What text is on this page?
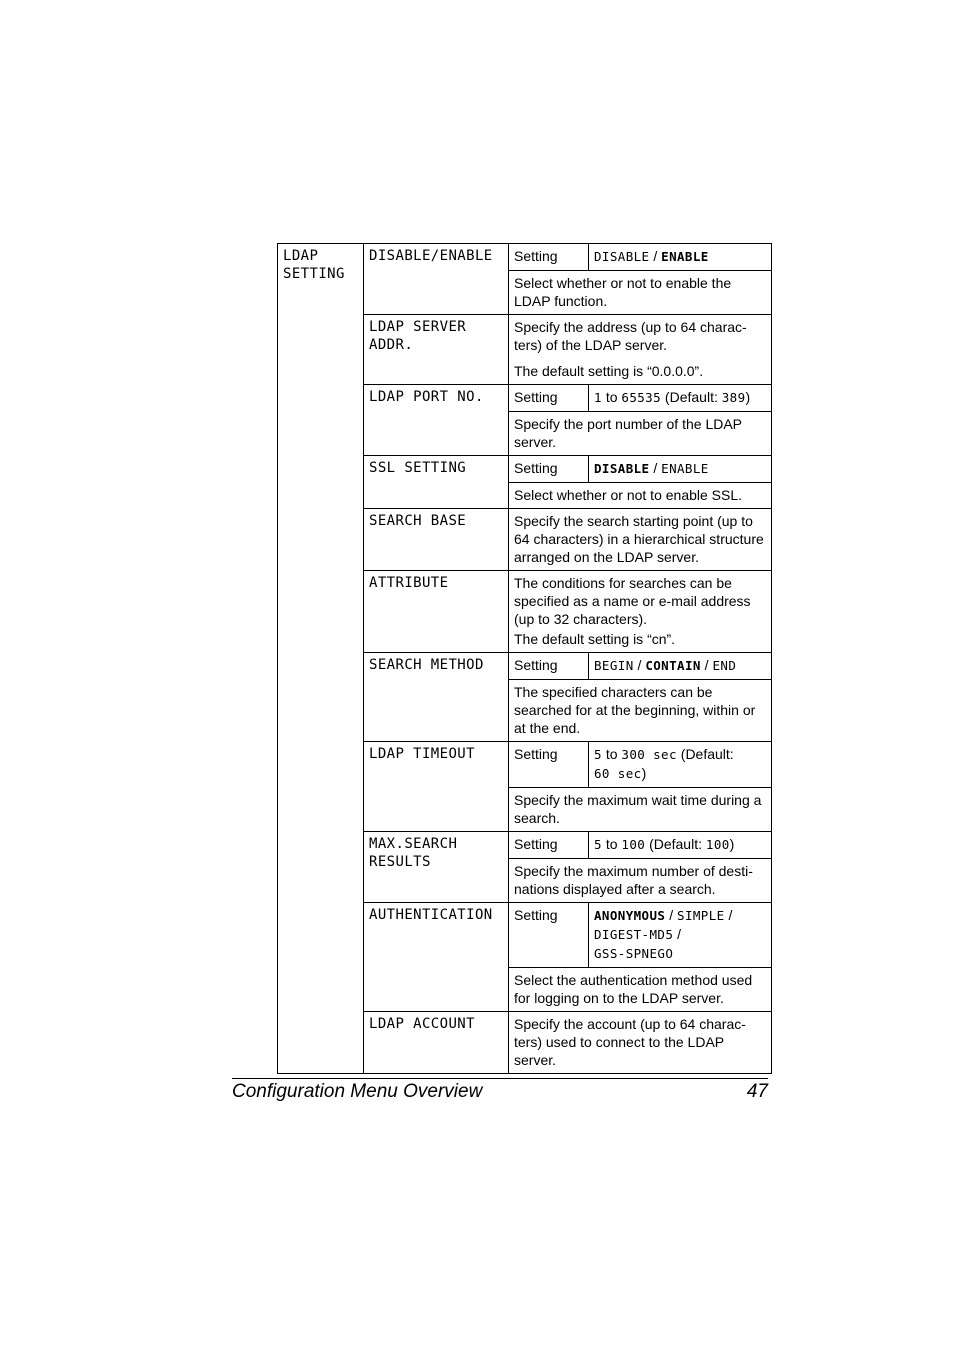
LDAP SETTING	DISABLE/ENABLE	Setting	DISABLE / ENABLE
		Select whether or not to enable the LDAP function.	
	LDAP SERVER ADDR.	Specify the address (up to 64 charac-ters) of the LDAP server.

The default setting is “0.0.0.0”.	

	LDAP PORT NO.	Setting	1 to 65535 (Default: 389)
		Specify the port number of the LDAP server.	
	SSL SETTING	Setting	DISABLE / ENABLE
		Select whether or not to enable SSL.	
	SEARCH BASE	Specify the search starting point (up to 64 characters) in a hierarchical structure arranged on the LDAP server.	
	ATTRIBUTE	The conditions for searches can be specified as a name or e-mail address (up to 32 characters).

The default setting is “cn”.	

	SEARCH METHOD	Setting	BEGIN / CONTAIN / END
		The specified characters can be searched for at the beginning, within or at the end.	
	LDAP TIMEOUT	Setting	5 to 300 sec (Default:
60 sec)
		Specify the maximum wait time during a search.	
	MAX.SEARCH RESULTS	Setting	5 to 100 (Default: 100)
		Specify the maximum number of desti-nations displayed after a search.	
	AUTHENTICATION	Setting	ANONYMOUS / SIMPLE /
DIGEST-MD5 /
GSS-SPNEGO
		Select the authentication method used for logging on to the LDAP server.	
	LDAP ACCOUNT	Specify the account (up to 64 charac-ters) used to connect to the LDAP server.	
Configuration Menu Overview	47
